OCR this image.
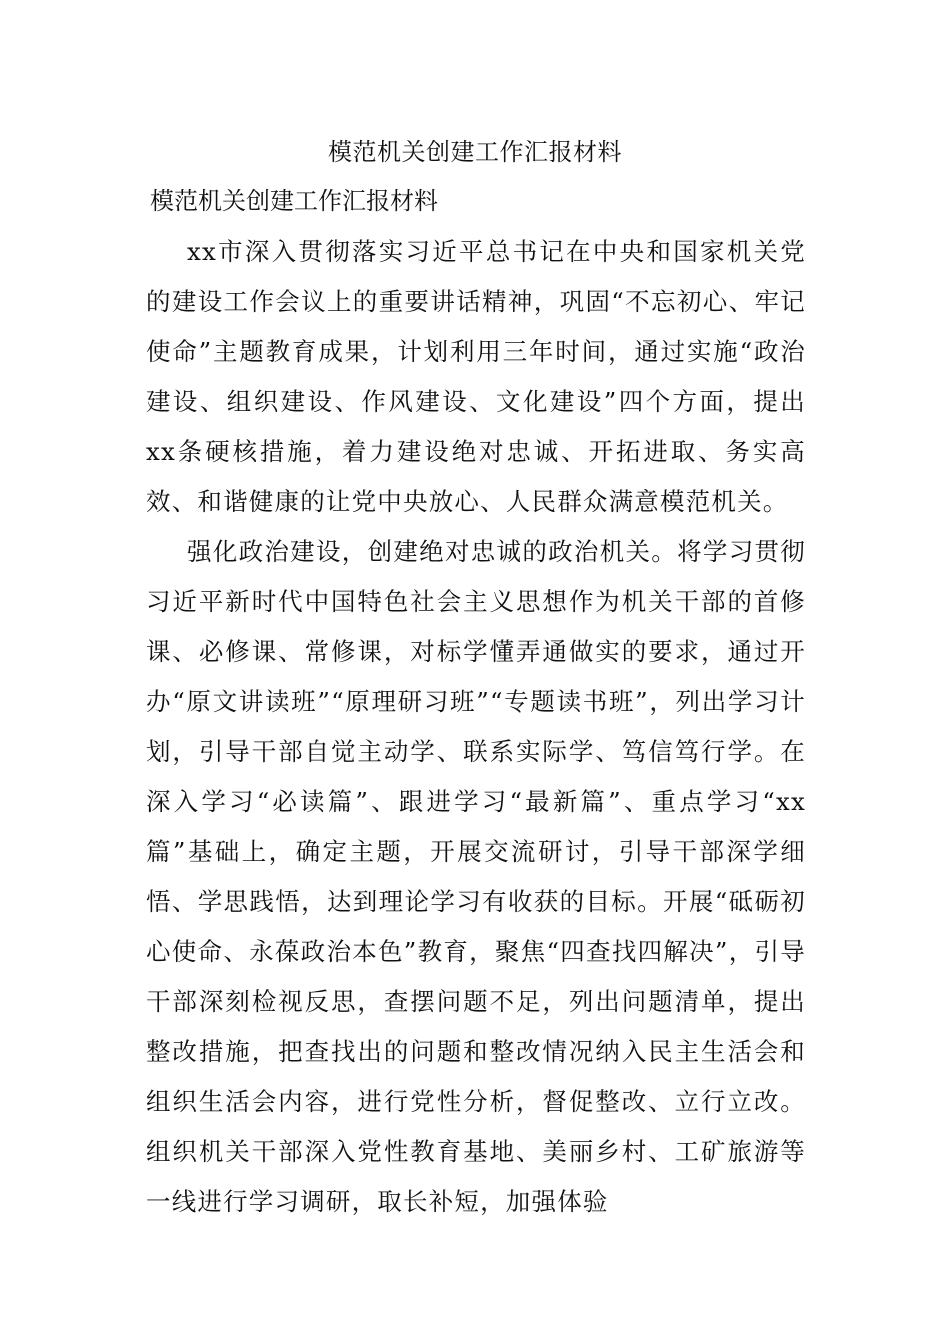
模范机关创建工作汇报材料
模范机关创建工作汇报材料

xx市深入贯彻落实习近平总书记在中央和国家机关党的建设工作会议上的重要讲话精神，巩固“不忘初心、牢记使命”主题教育成果，计划利用三年时间，通过实施“政治建设、组织建设、作风建设、文化建设”四个方面，提出xx条硬核措施，着力建设绝对忠诚、开拓进取、务实高效、和谐健康的让党中央放心、人民群众满意模范机关。

强化政治建设，创建绝对忠诚的政治机关。将学习贯彻习近平新时代中国特色社会主义思想作为机关干部的首修课、必修课、常修课，对标学懂弄通做实的要求，通过开办“原文讲读班”“原理研习班”“专题读书班”，列出学习计划，引导干部自觉主动学、联系实际学、笃信笃行学。在深入学习“必读篇”、跟进学习“最新篇”、重点学习“xx篇”基础上，确定主题，开展交流研讨，引导干部深学细悟、学思践悟，达到理论学习有收获的目标。开展“砥砺初心使命、永葆政治本色”教育，聚焦“四查找四解决”，引导干部深刻检视反思，查摆问题不足，列出问题清单，提出整改措施，把查找出的问题和整改情况纳入民主生活会和组织生活会内容，进行党性分析，督促整改、立行立改。组织机关干部深入党性教育基地、美丽乡村、工矿旅游等一线进行学习调研，取长补短，加强体验
